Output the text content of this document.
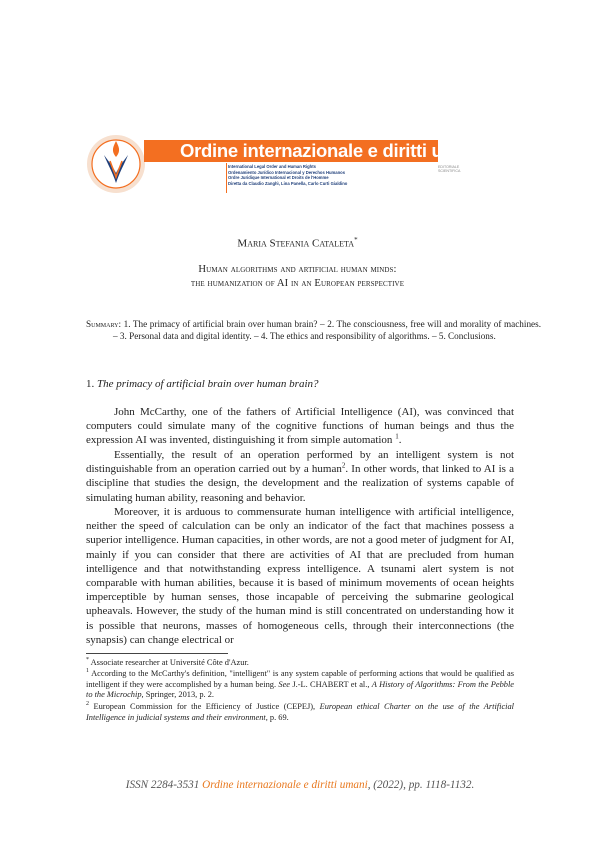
Ordine internazionale e diritti umani
International Legal Order and Human Rights
Ordenamiento Jurídico Internacional y Derechos Humanos
Ordre Juridique International et Droits de l'Homme
Diretta da Claudio Zanghì, Lina Panella, Carlo Curti Gialdino
EDITORIALE
SCIENTIFICA
Maria Stefania Cataleta*
Human algorithms and artificial human minds:
the humanization of AI in an European perspective
Summary: 1. The primacy of artificial brain over human brain? – 2. The consciousness, free will and morality of machines. – 3. Personal data and digital identity. – 4. The ethics and responsibility of algorithms. – 5. Conclusions.
1. The primacy of artificial brain over human brain?
John McCarthy, one of the fathers of Artificial Intelligence (AI), was convinced that computers could simulate many of the cognitive functions of human beings and thus the expression AI was invented, distinguishing it from simple automation $^1$.
Essentially, the result of an operation performed by an intelligent system is not distinguishable from an operation carried out by a human$^2$. In other words, that linked to AI is a discipline that studies the design, the development and the realization of systems capable of simulating human ability, reasoning and behavior.
Moreover, it is arduous to commensurate human intelligence with artificial intelligence, neither the speed of calculation can be only an indicator of the fact that machines possess a superior intelligence. Human capacities, in other words, are not a good meter of judgment for AI, mainly if you can consider that there are activities of AI that are precluded from human intelligence and that notwithstanding express intelligence. A tsunami alert system is not comparable with human abilities, because it is based of minimum movements of ocean heights imperceptible by human senses, those incapable of perceiving the submarine geological upheavals. However, the study of the human mind is still concentrated on understanding how it is possible that neurons, masses of homogeneous cells, through their interconnections (the synapsis) can change electrical or
* Associate researcher at Université Côte d'Azur.
$^1$ According to the McCarthy's definition, "intelligent" is any system capable of performing actions that would be qualified as intelligent if they were accomplished by a human being. See J.-L. CHABERT et al., A History of Algorithms: From the Pebble to the Microchip, Springer, 2013, p. 2.
$^2$ European Commission for the Efficiency of Justice (CEPEJ), European ethical Charter on the use of the Artificial Intelligence in judicial systems and their environment, p. 69.
ISSN 2284-3531 Ordine internazionale e diritti umani, (2022), pp. 1118-1132.
